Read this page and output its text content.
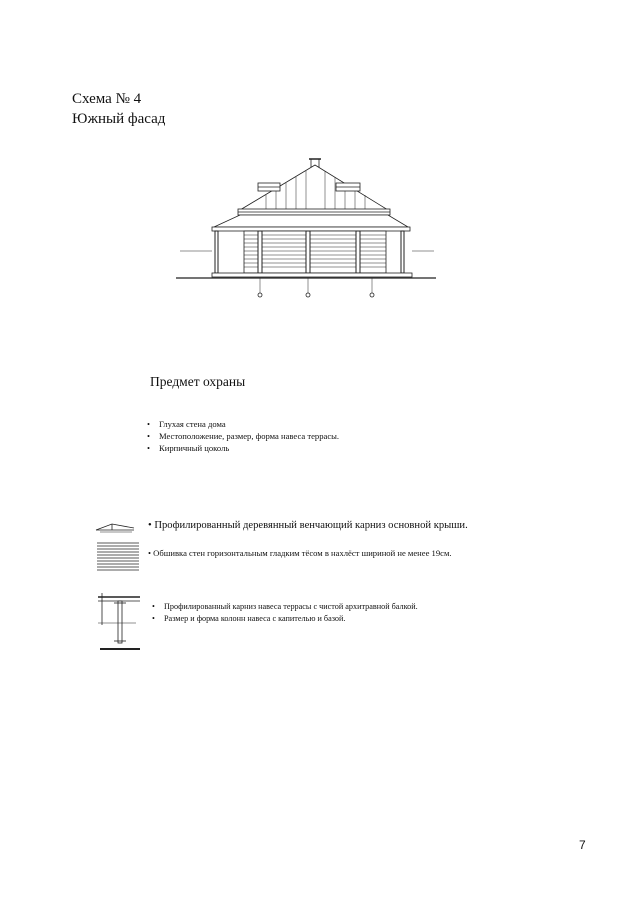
Схема № 4
Южный фасад
Предмет охраны
• Глухая стена дома
• Местоположение, размер, форма навеса террасы.
• Кирпичный цоколь
• Профилированный деревянный венчающий карниз основной крыши.
• Обшивка стен горизонтальным гладким тёсом в нахлёст шириной не менее 19см.
• Профилированный карниз навеса террасы с чистой архитравной балкой.
• Размер и форма колонн навеса с капителью и базой.
7
